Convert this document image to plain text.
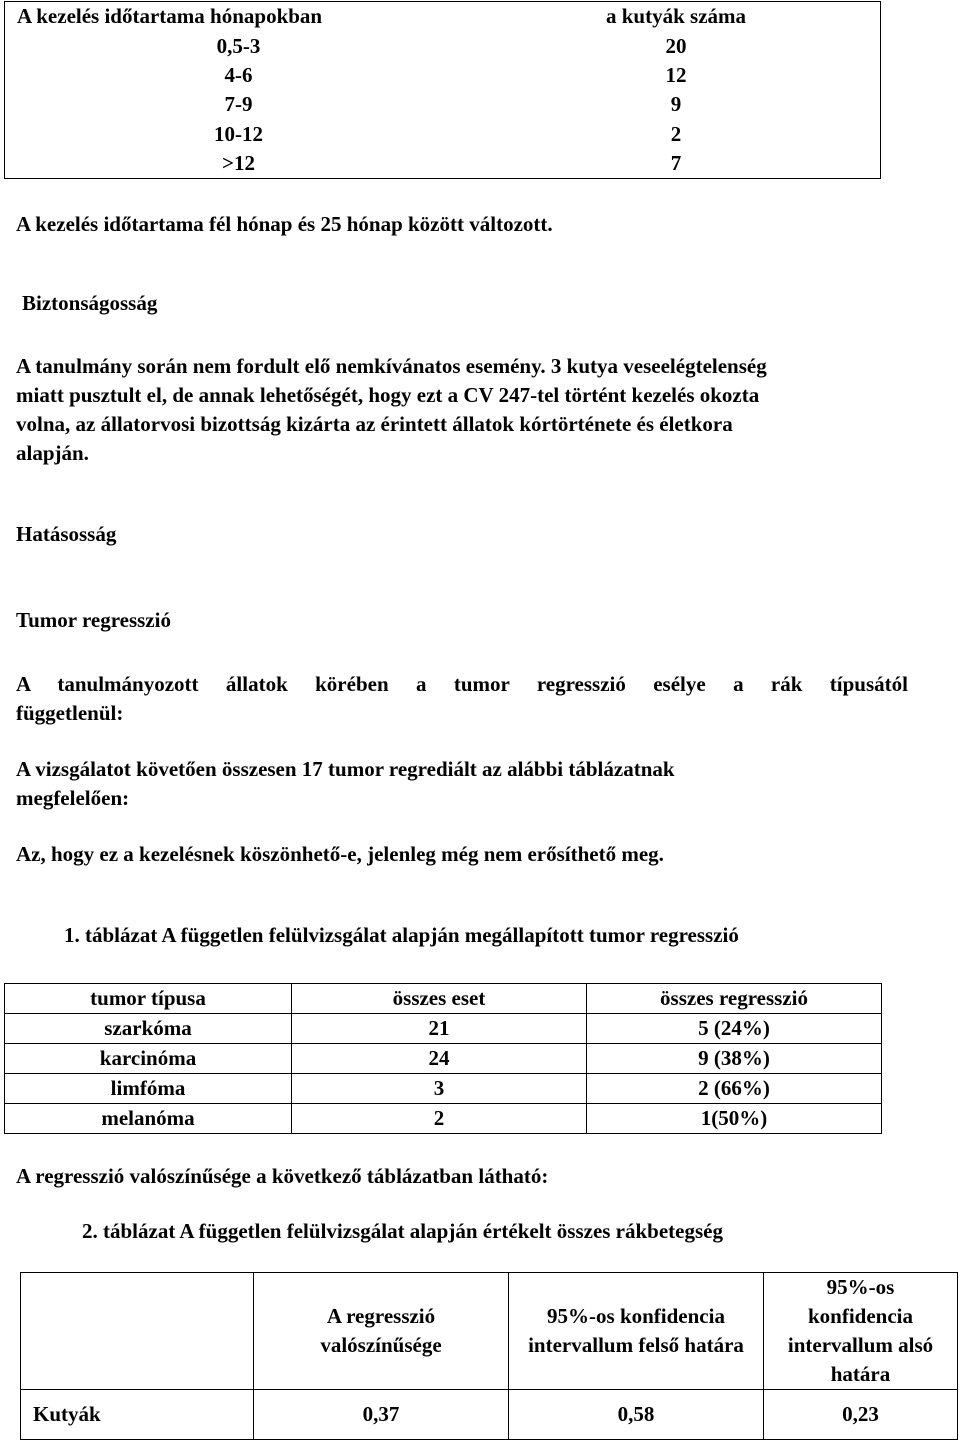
A kezelés időtartama hónapokban	a kutyák száma
0,5-3	20
4-6	12
7-9	9
10-12	2
>12	7

A kezelés időtartama fél hónap és 25 hónap között változott.

Biztonságosság

A tanulmány során nem fordult elő nemkívánatos esemény. 3 kutya veseelégtelenség

miatt pusztult el, de annak lehetőségét, hogy ezt a CV 247-tel történt kezelés okozta

volna, az állatorvosi bizottság kizárta az érintett állatok kórtörténete és életkora

alapján.

Hatásosság

Tumor regresszió

A tanulmányozott állatok körében a tumor regresszió esélye a rák típusától

függetlenül:

A vizsgálatot követően összesen 17 tumor regrediált az alábbi táblázatnak

megfelelően:

Az, hogy ez a kezelésnek köszönhető-e, jelenleg még nem erősíthető meg.

1. táblázat A független felülvizsgálat alapján megállapított tumor regresszió

tumor típusa	összes eset	összes regresszió
szarkóma	21	5 (24%)
karcinóma	24	9 (38%)
limfóma	3	2 (66%)
melanóma	2	1(50%)

A regresszió valószínűsége a következő táblázatban látható:

2. táblázat A független felülvizsgálat alapján értékelt összes rákbetegség

	A regresszió valószínűsége	95%-os konfidencia intervallum felső határa	95%-os konfidencia intervallum alsó határa
Kutyák	0,37	0,58	0,23
